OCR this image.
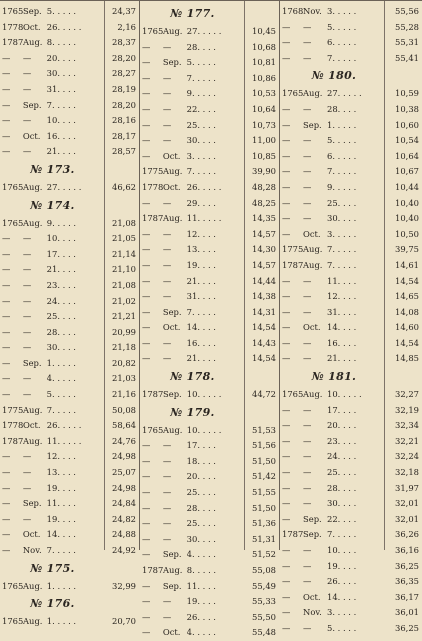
1765 Sep. 5. . . . .	24,37
1778 Oct. 26. . . . .	2,16
1787 Aug. 8. . . . .	28,37
—	—	20. . . .	28,20
—	—	30. . . .	28,27
—	—	31. . . .	28,19
—	Sep. 7. . . . .	28,20
—	—	10. . . .	28,16
—	Oct. 16. . . .	28,17
—	—	21. . . .	28,57
№ 173.
1765 Aug. 27. . . . .	46,62
№ 174.
1765 Aug. 9. . . . .	21,08
—	—	10. . . .	21,05
—	—	17. . . .	21,14
—	—	21. . . .	21,10
—	—	23. . . .	21,08
—	—	24. . . .	21,02
—	—	25. . . .	21,21
—	—	28. . . .	20,99
—	—	30. . . .	21,18
—	Sep. 1. . . . .	20,82
—	—	4. . . . .	21,03
—	—	5. . . . .	21,16
1775 Aug. 7. . . . .	50,08
1778 Oct. 26. . . . .	58,64
1787 Aug. 11. . . . .	24,76
—	—	12. . . .	24,98
—	—	13. . . .	25,07
—	—	19. . . .	24,98
—	Sep. 11. . . .	24,84
—	—	19. . . .	24,82
—	Oct. 14. . . .	24,88
—	Nov. 7. . . . .	24,92
№ 175.
1765 Aug. 1. . . . .	32,99
№ 176.
1765 Aug. 1. . . . .	20,70
№ 177.
1765 Aug. 27. . . . .	10,45
—	—	28. . . .	10,68
—	Sep. 5. . . . .	10,81
—	—	7. . . . .	10,86
—	—	9. . . . .	10,53
—	—	22. . . .	10,64
—	—	25. . . .	10,73
—	—	30. . . .	11,00
—	Oct. 3. . . . .	10,85
1775 Aug. 7. . . . .	39,90
1778 Oct. 26. . . . .	48,28
—	—	29. . . .	48,25
1787 Aug. 11. . . . .	14,35
—	—	12. . . .	14,57
—	—	13. . . .	14,30
—	—	19. . . .	14,57
—	—	21. . . .	14,44
—	—	31. . . .	14,38
—	Sep. 7. . . . .	14,31
—	Oct. 14. . . .	14,54
—	—	16. . . .	14,43
—	—	21. . . .	14,54
№ 178.
1787 Sep. 10. . . . .	44,72
№ 179.
1765 Aug. 10. . . . .	51,53
—	—	17. . . .	51,56
—	—	18. . . .	51,50
—	—	20. . . .	51,42
—	—	25. . . .	51,55
—	—	28. . . .	51,50
—	—	25. . . .	51,36
—	—	30. . . .	51,31
—	Sep. 4. . . . .	51,52
1787 Aug. 8. . . . .	55,08
—	Sep. 11. . . .	55,49
—	—	19. . . .	55,33
—	—	26. . . .	55,50
—	Oct. 4. . . . .	55,48
1768 Nov. 3. . . . .	55,56
—	—	5. . . . .	55,28
—	—	6. . . . .	55,31
—	—	7. . . . .	55,41
№ 180.
1765 Aug. 27. . . . .	10,59
—	—	28. . . .	10,38
—	Sep. 1. . . . .	10,60
—	—	5. . . . .	10,54
—	—	6. . . . .	10,64
—	—	7. . . . .	10,67
—	—	9. . . . .	10,44
—	—	25. . . .	10,40
—	—	30. . . .	10,40
—	Oct. 3. . . . .	10,50
1775 Aug. 7. . . . .	39,75
1787 Aug. 7. . . . .	14,61
—	—	11. . . .	14,54
—	—	12. . . .	14,65
—	—	31. . . .	14,08
—	Oct. 14. . . .	14,60
—	—	16. . . .	14,54
—	—	21. . . .	14,85
№ 181.
1765 Aug. 10. . . . .	32,27
—	—	17. . . .	32,19
—	—	20. . . .	32,34
—	—	23. . . .	32,21
—	—	24. . . .	32,24
—	—	25. . . .	32,18
—	—	28. . . .	31,97
—	—	30. . . .	32,01
—	Sep. 22. . . .	32,01
1787 Sep. 7. . . . .	36,26
—	—	10. . . .	36,16
—	—	19. . . .	36,25
—	—	26. . . .	36,35
—	Oct. 14. . . .	36,17
—	Nov. 3. . . . .	36,01
—	—	5. . . . .	36,25
